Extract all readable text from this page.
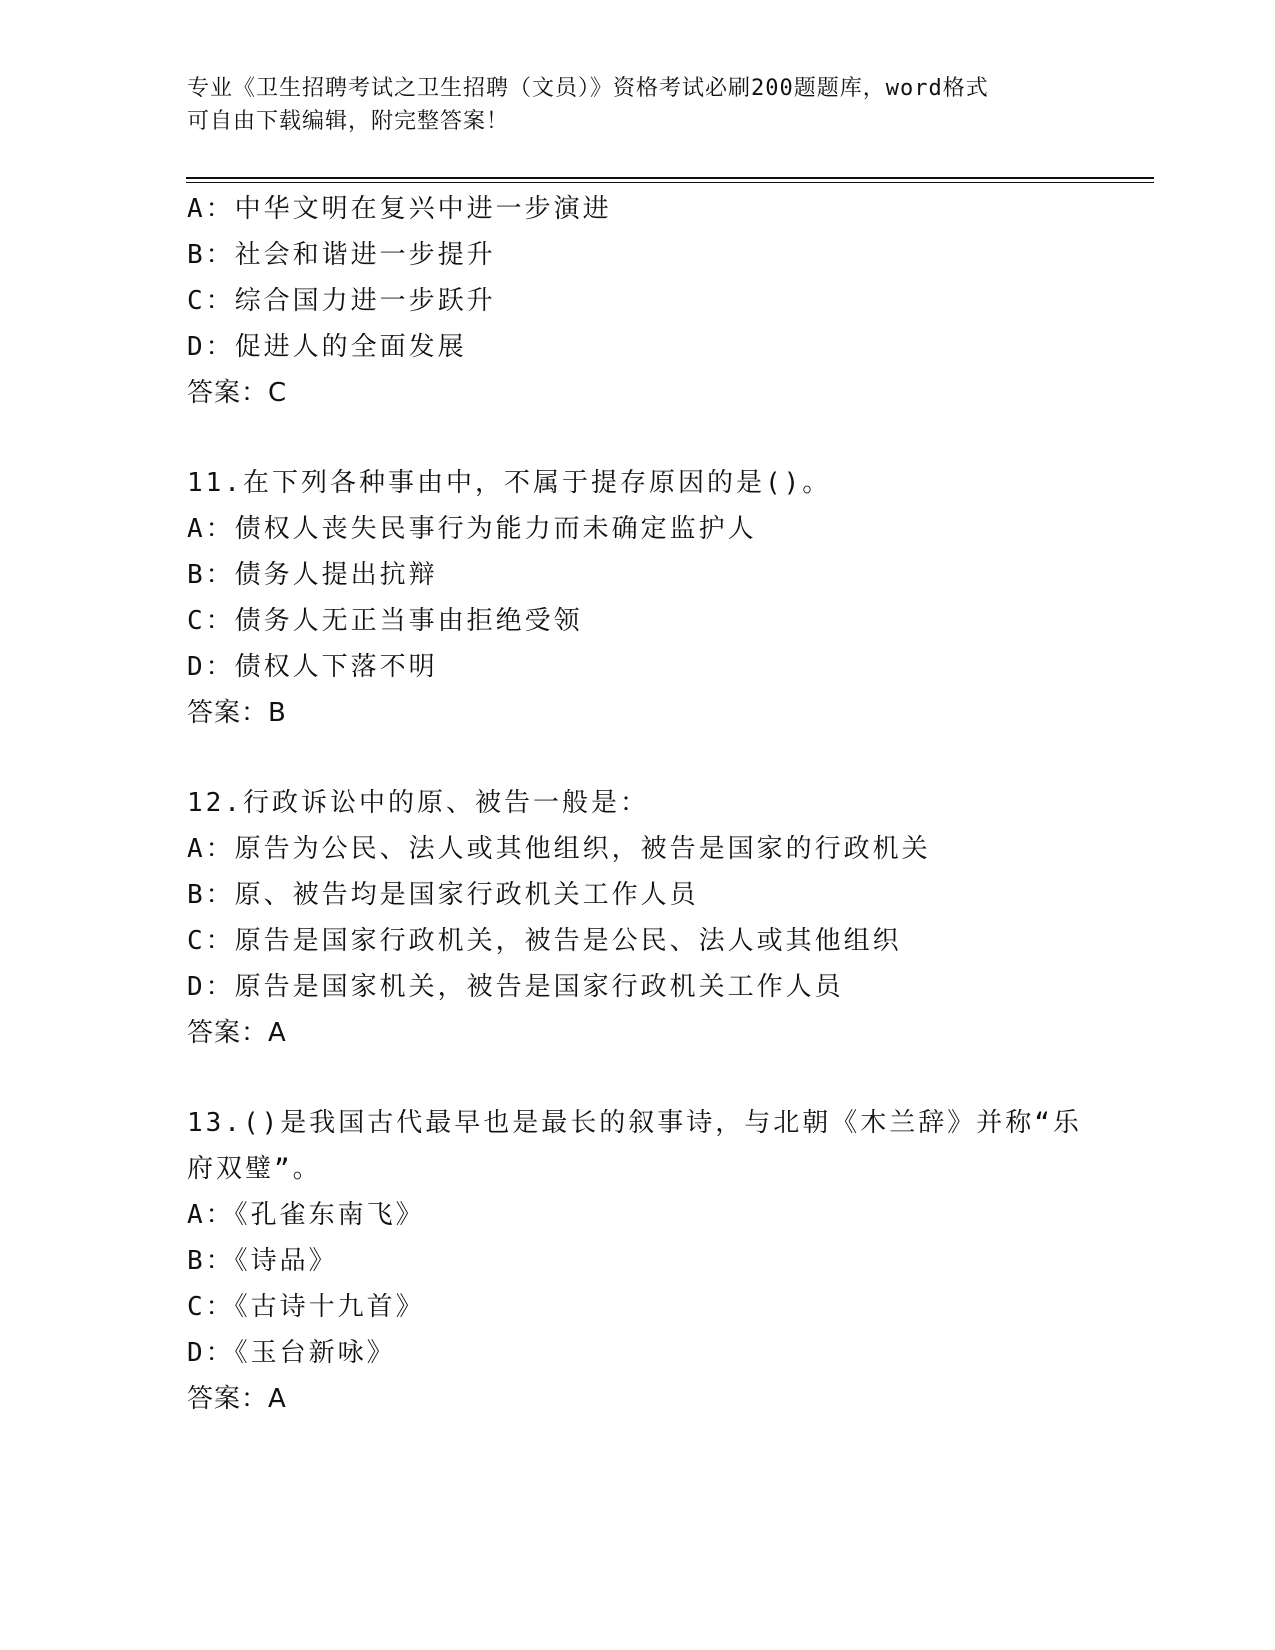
专业《卫生招聘考试之卫生招聘（文员）》资格考试必刷200题题库，word格式
可自由下载编辑，附完整答案！
A：中华文明在复兴中进一步演进
B：社会和谐进一步提升
C：综合国力进一步跃升
D：促进人的全面发展
答案：C
11.在下列各种事由中，不属于提存原因的是()。
A：债权人丧失民事行为能力而未确定监护人
B：债务人提出抗辩
C：债务人无正当事由拒绝受领
D：债权人下落不明
答案：B
12.行政诉讼中的原、被告一般是：
A：原告为公民、法人或其他组织，被告是国家的行政机关
B：原、被告均是国家行政机关工作人员
C：原告是国家行政机关，被告是公民、法人或其他组织
D：原告是国家机关，被告是国家行政机关工作人员
答案：A
13.()是我国古代最早也是最长的叙事诗，与北朝《木兰辞》并称“乐
府双璧”。
A：《孔雀东南飞》
B：《诗品》
C：《古诗十九首》
D：《玉台新咏》
答案：A
